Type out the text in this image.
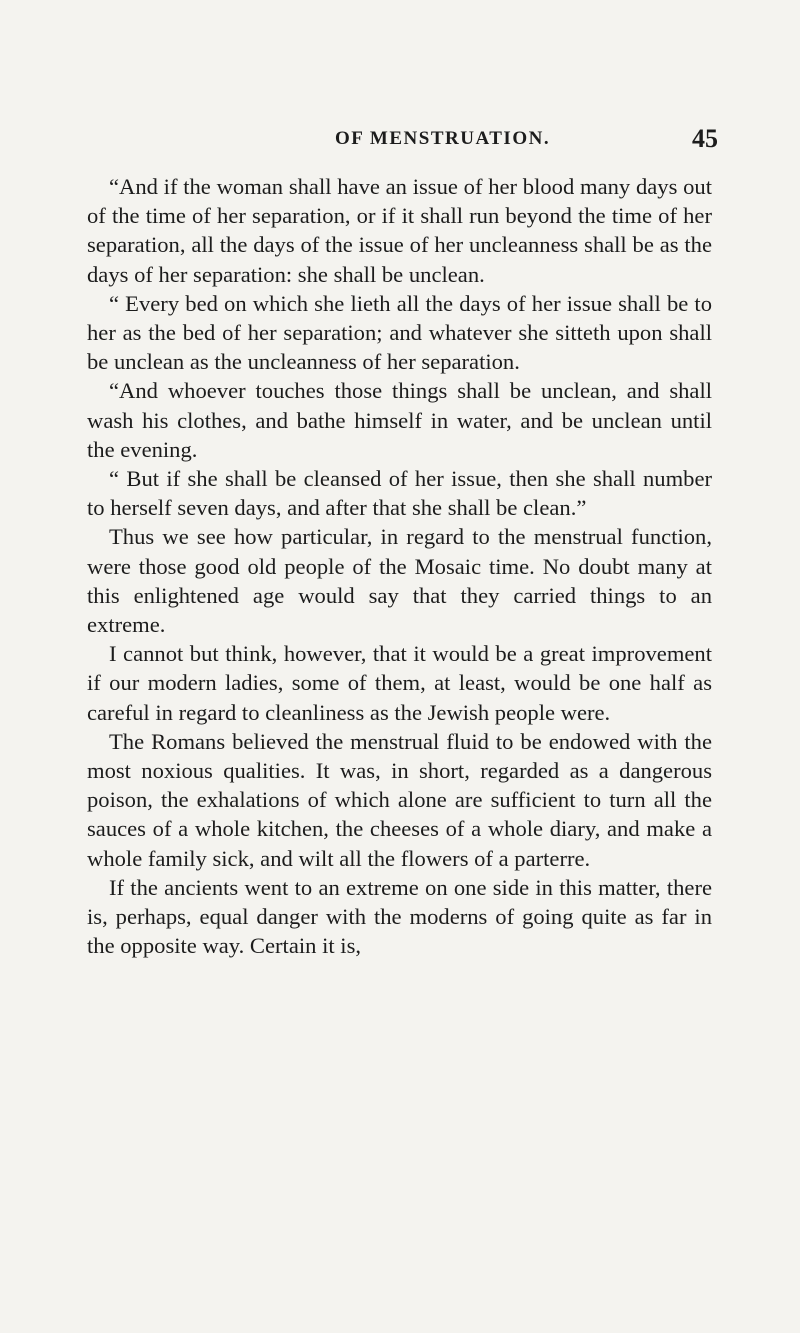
OF MENSTRUATION.	45

“And if the woman shall have an issue of her blood many days out of the time of her separation, or if it shall run beyond the time of her separation, all the days of the issue of her uncleanness shall be as the days of her separation: she shall be unclean.

“ Every bed on which she lieth all the days of her issue shall be to her as the bed of her separation; and whatever she sitteth upon shall be unclean as the uncleanness of her separation.

“And whoever touches those things shall be unclean, and shall wash his clothes, and bathe himself in water, and be unclean until the evening.

“ But if she shall be cleansed of her issue, then she shall number to herself seven days, and after that she shall be clean.”

Thus we see how particular, in regard to the menstrual function, were those good old people of the Mosaic time. No doubt many at this enlightened age would say that they carried things to an extreme.

I cannot but think, however, that it would be a great improvement if our modern ladies, some of them, at least, would be one half as careful in regard to cleanliness as the Jewish people were.

The Romans believed the menstrual fluid to be endowed with the most noxious qualities. It was, in short, regarded as a dangerous poison, the exhalations of which alone are sufficient to turn all the sauces of a whole kitchen, the cheeses of a whole diary, and make a whole family sick, and wilt all the flowers of a parterre.

If the ancients went to an extreme on one side in this matter, there is, perhaps, equal danger with the moderns of going quite as far in the opposite way. Certain it is,
